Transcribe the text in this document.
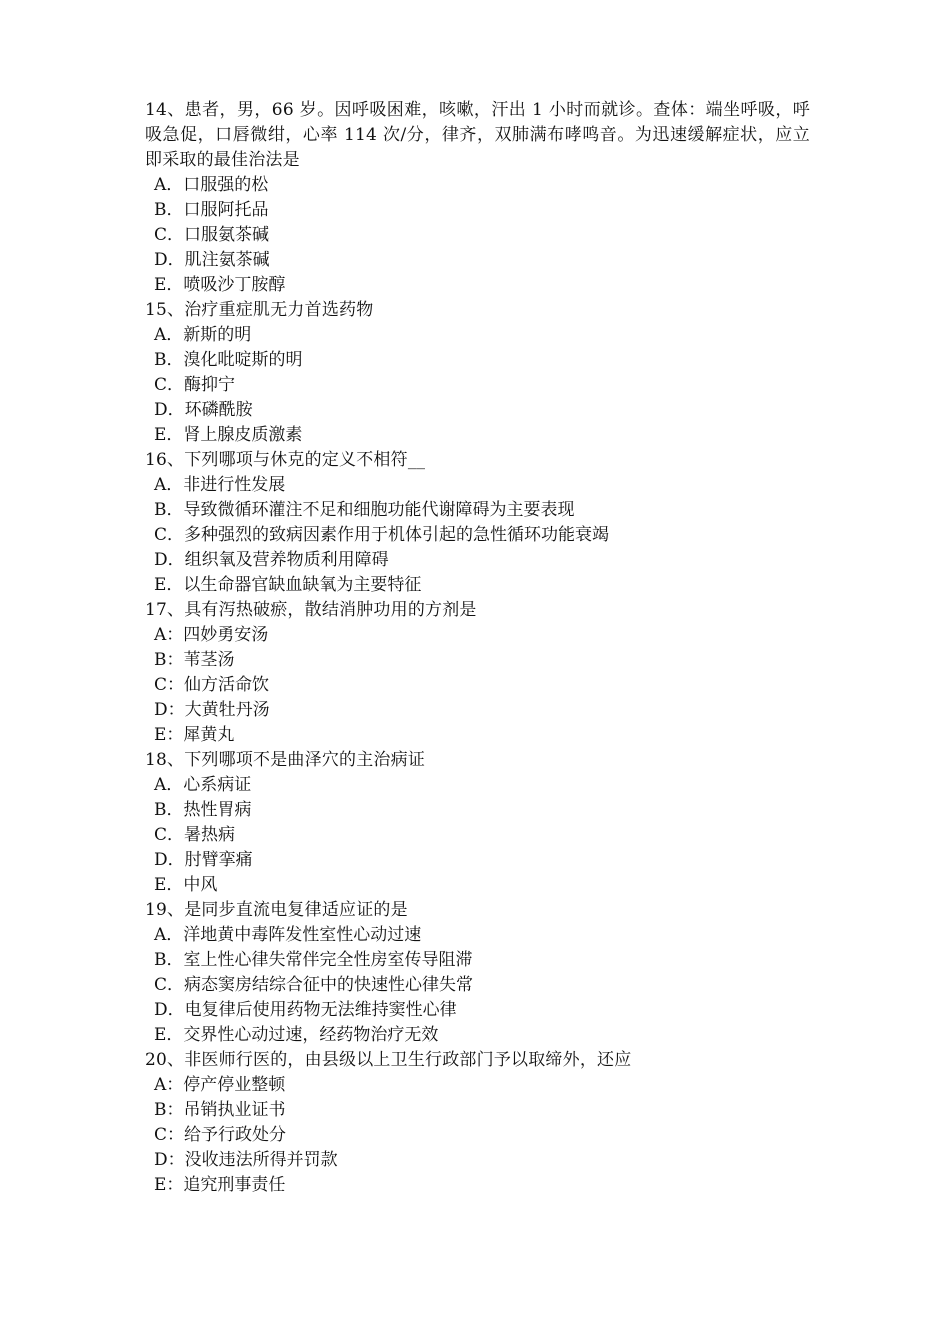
14、患者，男，66 岁。因呼吸困难，咳嗽，汗出 1 小时而就诊。查体：端坐呼吸，呼吸急促，口唇微绀，心率 114 次/分，律齐，双肺满布哮鸣音。为迅速缓解症状，应立即采取的最佳治法是

A．口服强的松

B．口服阿托品

C．口服氨茶碱

D．肌注氨茶碱

E．喷吸沙丁胺醇

15、治疗重症肌无力首选药物

A．新斯的明

B．溴化吡啶斯的明

C．酶抑宁

D．环磷酰胺

E．肾上腺皮质激素

16、下列哪项与休克的定义不相符__

A．非进行性发展

B．导致微循环灌注不足和细胞功能代谢障碍为主要表现

C．多种强烈的致病因素作用于机体引起的急性循环功能衰竭

D．组织氧及营养物质利用障碍

E．以生命器官缺血缺氧为主要特征

17、具有泻热破瘀，散结消肿功用的方剂是

A：四妙勇安汤

B：苇茎汤

C：仙方活命饮

D：大黄牡丹汤

E：犀黄丸

18、下列哪项不是曲泽穴的主治病证

A．心系病证

B．热性胃病

C．暑热病

D．肘臂挛痛

E．中风

19、是同步直流电复律适应证的是

A．洋地黄中毒阵发性室性心动过速

B．室上性心律失常伴完全性房室传导阻滞

C．病态窦房结综合征中的快速性心律失常

D．电复律后使用药物无法维持窦性心律

E．交界性心动过速，经药物治疗无效

20、非医师行医的，由县级以上卫生行政部门予以取缔外，还应

A：停产停业整顿

B：吊销执业证书

C：给予行政处分

D：没收违法所得并罚款

E：追究刑事责任
